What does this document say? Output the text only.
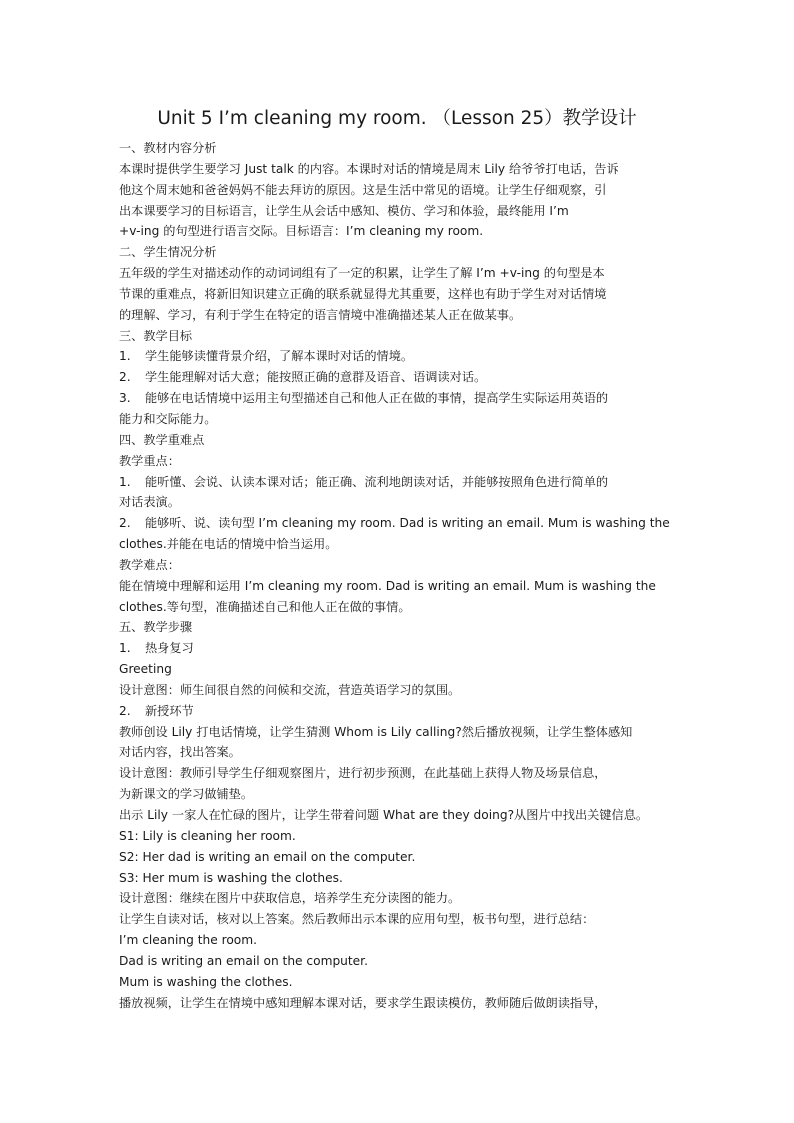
Unit 5 I’m cleaning my room. （Lesson 25）教学设计
一、教材内容分析
本课时提供学生要学习 Just talk 的内容。本课时对话的情境是周末 Lily 给爷爷打电话，告诉
他这个周末她和爸爸妈妈不能去拜访的原因。这是生活中常见的语境。让学生仔细观察，引
出本课要学习的目标语言，让学生从会话中感知、模仿、学习和体验，最终能用 I’m
+v-ing 的句型进行语言交际。目标语言：I’m cleaning my room.
二、学生情况分析
五年级的学生对描述动作的动词词组有了一定的积累，让学生了解 I’m +v-ing 的句型是本
节课的重难点，将新旧知识建立正确的联系就显得尤其重要，这样也有助于学生对对话情境
的理解、学习，有利于学生在特定的语言情境中准确描述某人正在做某事。
三、教学目标
1. 学生能够读懂背景介绍，了解本课时对话的情境。
2. 学生能理解对话大意；能按照正确的意群及语音、语调读对话。
3. 能够在电话情境中运用主句型描述自己和他人正在做的事情，提高学生实际运用英语的
能力和交际能力。
四、教学重难点
教学重点：
1. 能听懂、会说、认读本课对话；能正确、流利地朗读对话，并能够按照角色进行简单的
对话表演。
2. 能够听、说、读句型 I’m cleaning my room. Dad is writing an email. Mum is washing the
clothes.并能在电话的情境中恰当运用。
教学难点：
能在情境中理解和运用 I’m cleaning my room. Dad is writing an email. Mum is washing the
clothes.等句型，准确描述自己和他人正在做的事情。
五、教学步骤
1. 热身复习
Greeting
设计意图：师生间很自然的问候和交流，营造英语学习的氛围。
2. 新授环节
教师创设 Lily 打电话情境，让学生猜测 Whom is Lily calling?然后播放视频，让学生整体感知
对话内容，找出答案。
设计意图：教师引导学生仔细观察图片，进行初步预测，在此基础上获得人物及场景信息，
为新课文的学习做铺垫。
出示 Lily 一家人在忙碌的图片，让学生带着问题 What are they doing?从图片中找出关键信息。
S1: Lily is cleaning her room.
S2: Her dad is writing an email on the computer.
S3: Her mum is washing the clothes.
设计意图：继续在图片中获取信息，培养学生充分读图的能力。
让学生自读对话，核对以上答案。然后教师出示本课的应用句型，板书句型，进行总结：
I’m cleaning the room.
Dad is writing an email on the computer.
Mum is washing the clothes.
播放视频，让学生在情境中感知理解本课对话，要求学生跟读模仿，教师随后做朗读指导，
